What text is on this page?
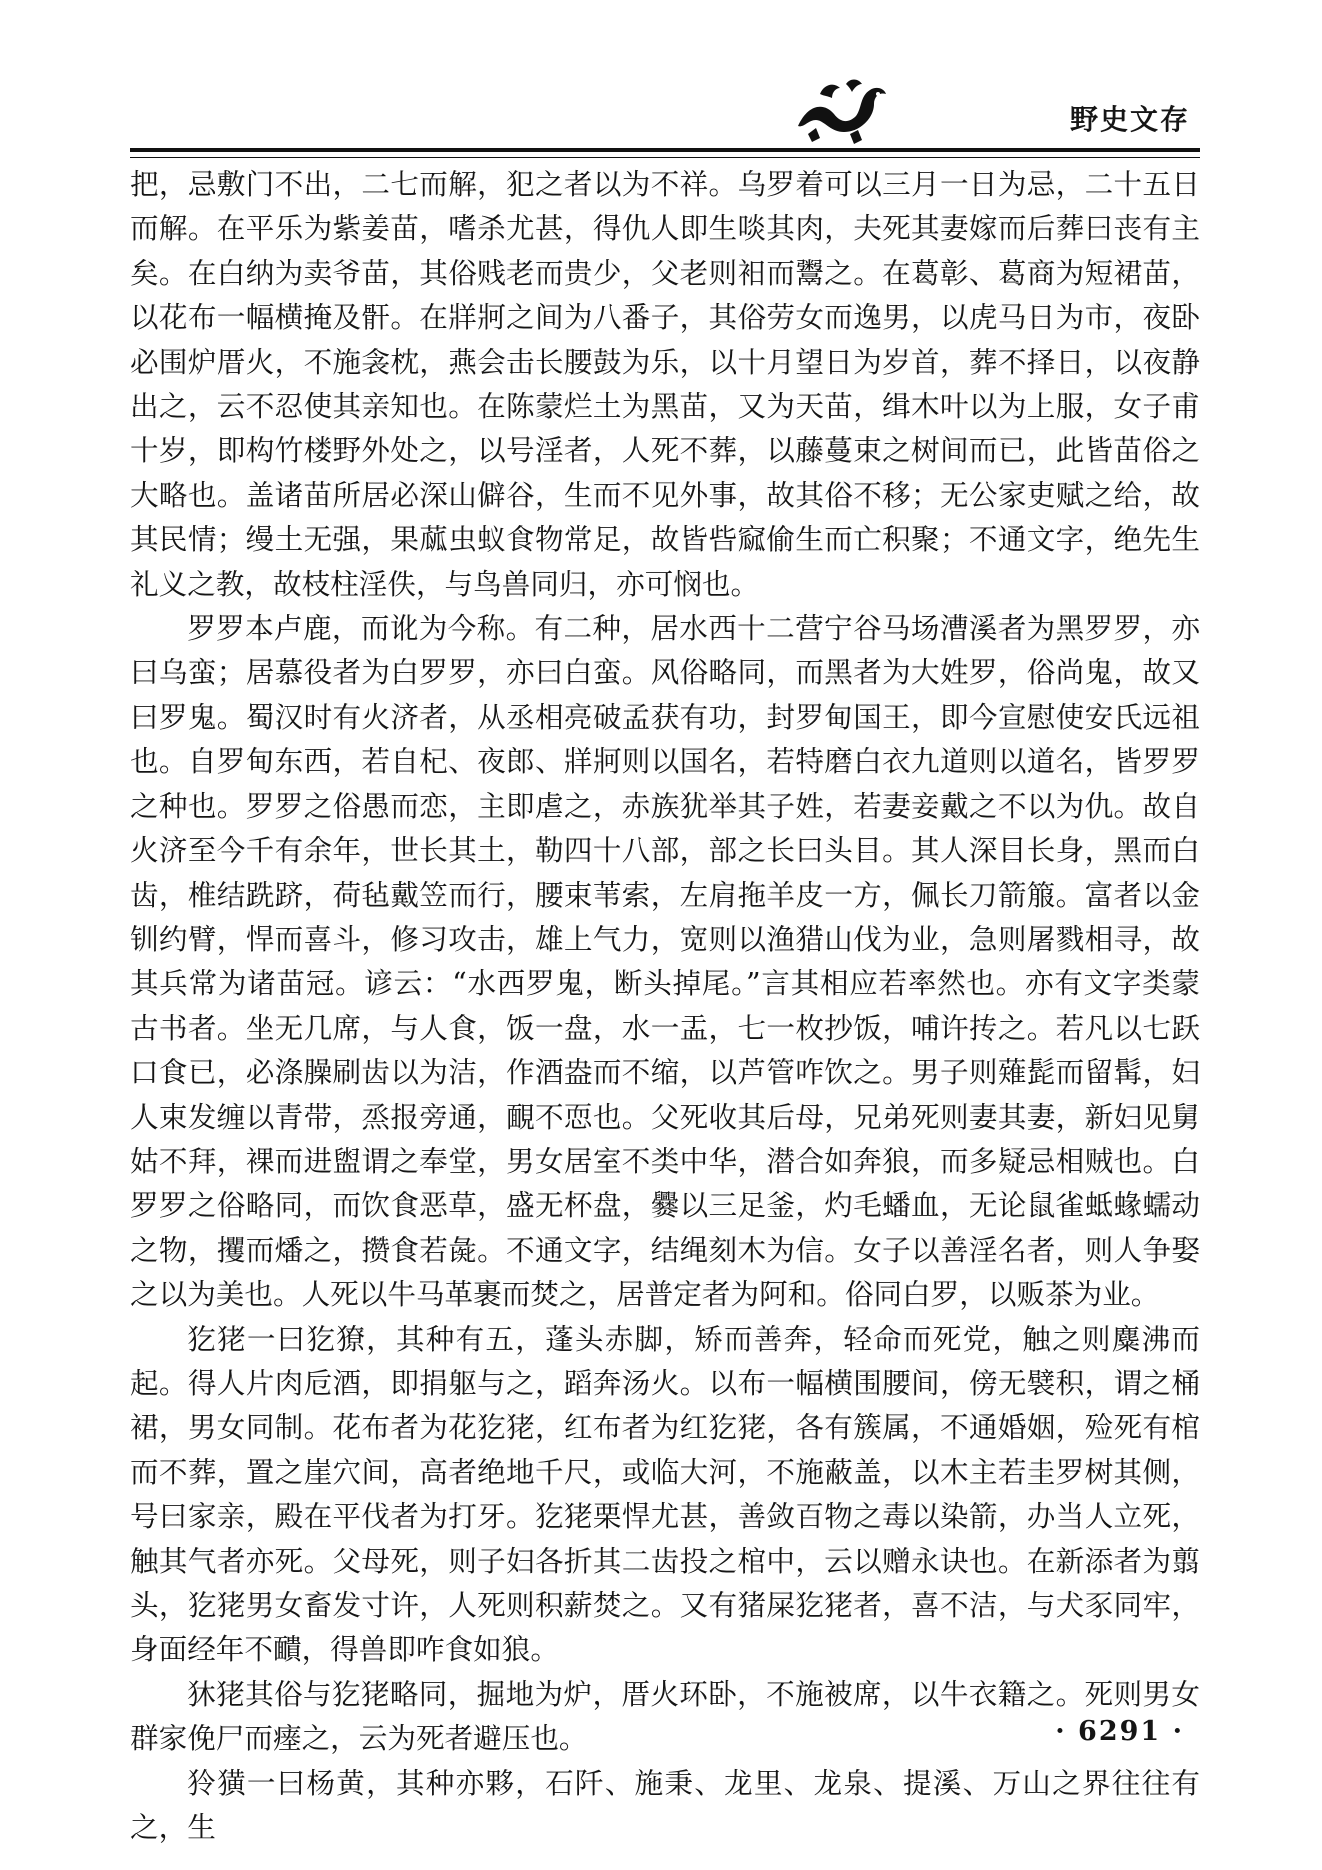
野史文存

把，忌敷门不出，二七而解，犯之者以为不祥。乌罗着可以三月一日为忌，二十五日而解。在平乐为紫姜苗，嗜杀尤甚，得仇人即生啖其肉，夫死其妻嫁而后葬曰丧有主矣。在白纳为卖爷苗，其俗贱老而贵少，父老则衵而鬻之。在葛彰、葛商为短裙苗，以花布一幅横掩及骭。在牂牁之间为八番子，其俗劳女而逸男，以虎马日为市，夜卧必围炉厝火，不施衾枕，燕会击长腰鼓为乐，以十月望日为岁首，葬不择日，以夜静出之，云不忍使其亲知也。在陈蒙烂土为黑苗，又为天苗，缉木叶以为上服，女子甫十岁，即构竹楼野外处之，以号淫者，人死不葬，以藤蔓束之树间而已，此皆苗俗之大略也。盖诸苗所居必深山僻谷，生而不见外事，故其俗不移；无公家吏赋之给，故其民情；缦土无强，果蓏虫蚁食物常足，故皆呰窳偷生而亡积聚；不通文字，绝先生礼义之教，故枝柱淫佚，与鸟兽同归，亦可悯也。

罗罗本卢鹿，而讹为今称。有二种，居水西十二营宁谷马场漕溪者为黑罗罗，亦曰乌蛮；居慕役者为白罗罗，亦曰白蛮。风俗略同，而黑者为大姓罗，俗尚鬼，故又曰罗鬼。蜀汉时有火济者，从丞相亮破孟获有功，封罗甸国王，即今宣慰使安氏远祖也。自罗甸东西，若自杞、夜郎、牂牁则以国名，若特磨白衣九道则以道名，皆罗罗之种也。罗罗之俗愚而恋，主即虐之，赤族犹举其子姓，若妻妾戴之不以为仇。故自火济至今千有余年，世长其土，勒四十八部，部之长曰头目。其人深目长身，黑而白齿，椎结跣跻，荷毡戴笠而行，腰束苇索，左肩拖羊皮一方，佩长刀箭箙。富者以金钏约臂，悍而喜斗，修习攻击，雄上气力，宽则以渔猎山伐为业，急则屠戮相寻，故其兵常为诸苗冠。谚云：“水西罗鬼，断头掉尾。”言其相应若率然也。亦有文字类蒙古书者。坐无几席，与人食，饭一盘，水一盂，七一枚抄饭，哺许抟之。若凡以七跃口食已，必涤臊刷齿以为洁，作酒盎而不缩，以芦管咋饮之。男子则薙髭而留髯，妇人束发缠以青带，烝报旁通，靦不恧也。父死收其后母，兄弟死则妻其妻，新妇见舅姑不拜，裸而进盥谓之奉堂，男女居室不类中华，潜合如奔狼，而多疑忌相贼也。白罗罗之俗略同，而饮食恶草，盛无杯盘，爨以三足釜，灼毛蟠血，无论鼠雀蚳蝝蠕动之物，攫而燔之，攒食若彘。不通文字，结绳刻木为信。女子以善淫名者，则人争娶之以为美也。人死以牛马革裹而焚之，居普定者为阿和。俗同白罗，以贩茶为业。

犵狫一曰犵獠，其种有五，蓬头赤脚，矫而善奔，轻命而死党，触之则麋沸而起。得人片肉卮酒，即捐躯与之，蹈奔汤火。以布一幅横围腰间，傍无襞积，谓之桶裙，男女同制。花布者为花犵狫，红布者为红犵狫，各有簇属，不通婚姻，殓死有棺而不葬，置之崖穴间，高者绝地千尺，或临大河，不施蔽盖，以木主若圭罗树其侧，号曰家亲，殿在平伐者为打牙。犵狫栗悍尤甚，善敛百物之毒以染箭，办当人立死，触其气者亦死。父母死，则子妇各折其二齿投之棺中，云以赠永诀也。在新添者为翦头，犵狫男女畜发寸许，人死则积薪焚之。又有猪屎犵狫者，喜不洁，与犬豕同牢，身面经年不靧，得兽即咋食如狼。

狇狫其俗与犵狫略同，掘地为炉，厝火环卧，不施被席，以牛衣籍之。死则男女群家俛尸而瘗之，云为死者避压也。

狑獚一曰杨黄，其种亦夥，石阡、施秉、龙里、龙泉、提溪、万山之界往往有之，生

· 6291 ·
